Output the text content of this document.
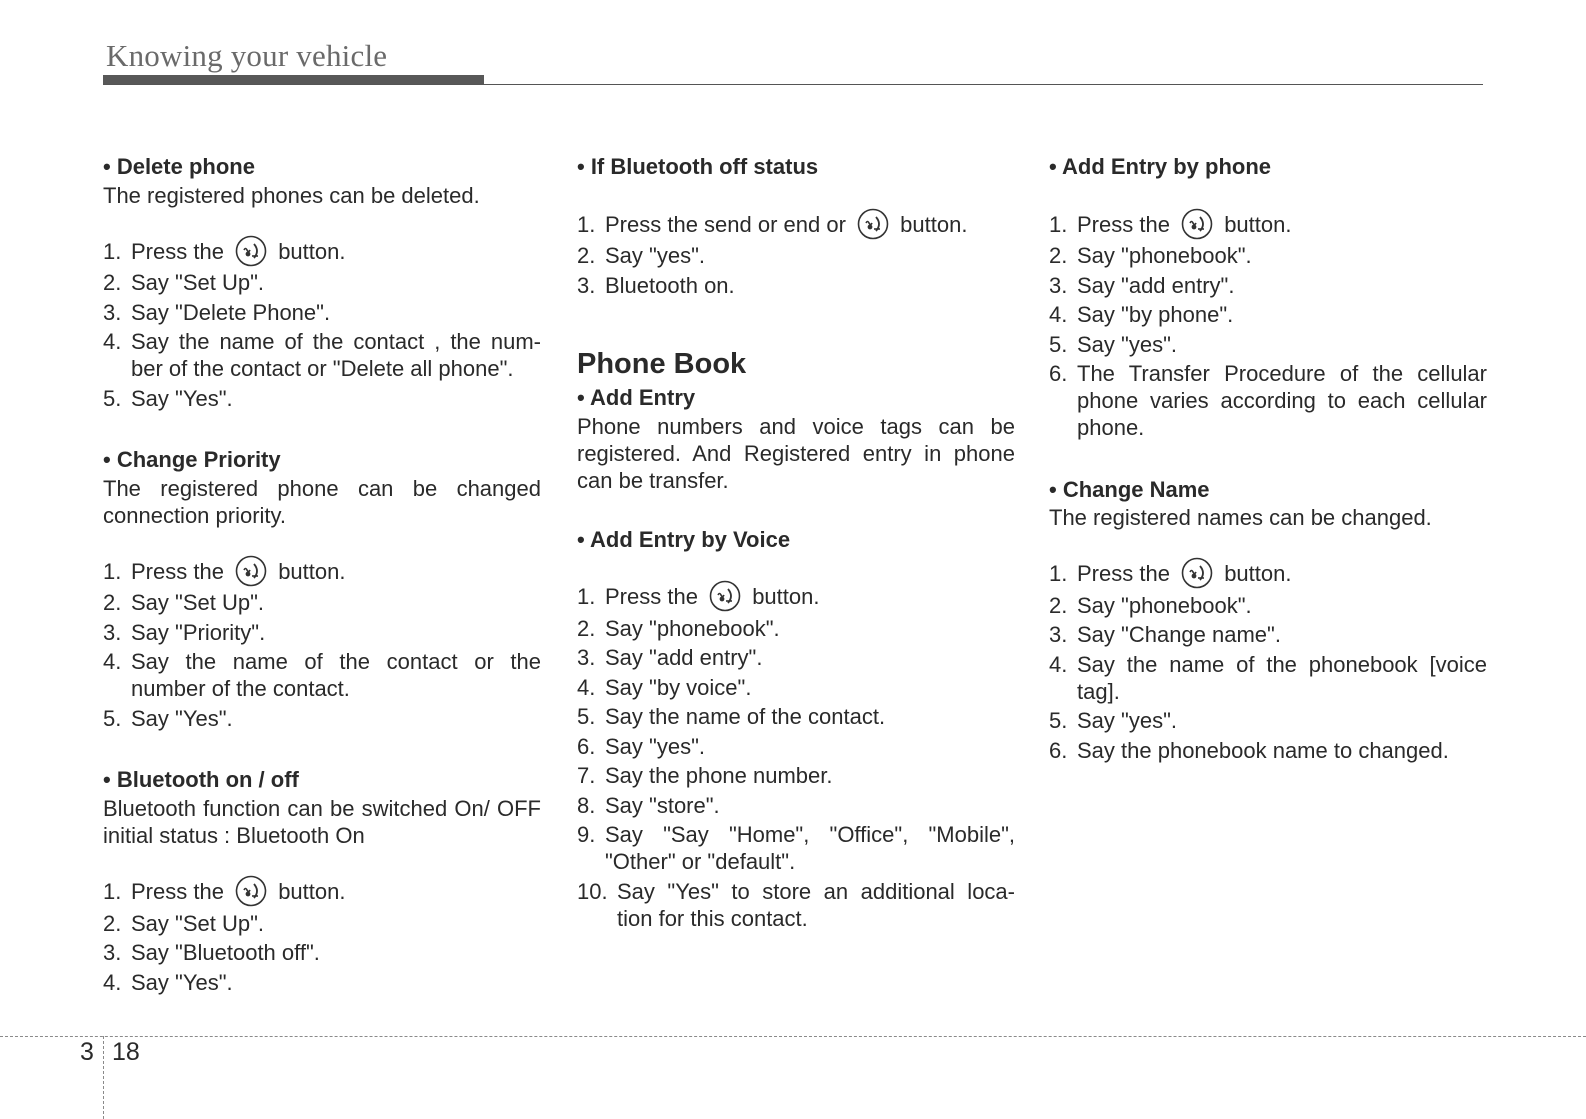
Knowing your vehicle

• Delete phone

The registered phones can be deleted.

1. Press the button.
2. Say "Set Up".
3. Say "Delete Phone".
4. Say the name of the contact , the num- ber of the contact or "Delete all phone".
5. Say "Yes".

• Change Priority

The registered phone can be changed connection priority.

1. Press the button.
2. Say "Set Up".
3. Say "Priority".
4. Say the name of the contact or the number of the contact.
5. Say "Yes".

• Bluetooth on / off

Bluetooth function can be switched On/ OFF initial status : Bluetooth On

1. Press the button.
2. Say "Set Up".
3. Say "Bluetooth off".
4. Say "Yes".

• If Bluetooth off status

1. Press the send or end or button.
2. Say "yes".
3. Bluetooth on.

Phone Book

• Add Entry

Phone numbers and voice tags can be registered. And Registered entry in phone can be transfer.

• Add Entry by Voice

1. Press the button.
2. Say "phonebook".
3. Say "add entry".
4. Say "by voice".
5. Say the name of the contact.
6. Say "yes".
7. Say the phone number.
8. Say "store".
9. Say "Say "Home", "Office", "Mobile", "Other" or "default".
10. Say "Yes" to store an additional loca- tion for this contact.

• Add Entry by phone

1. Press the button.
2. Say "phonebook".
3. Say "add entry".
4. Say "by phone".
5. Say "yes".
6. The Transfer Procedure of the cellular phone varies according to each cellular phone.

• Change Name

The registered names can be changed.

1. Press the button.
2. Say "phonebook".
3. Say "Change name".
4. Say the name of the phonebook [voice tag].
5. Say "yes".
6. Say the phonebook name to changed.
3 18
